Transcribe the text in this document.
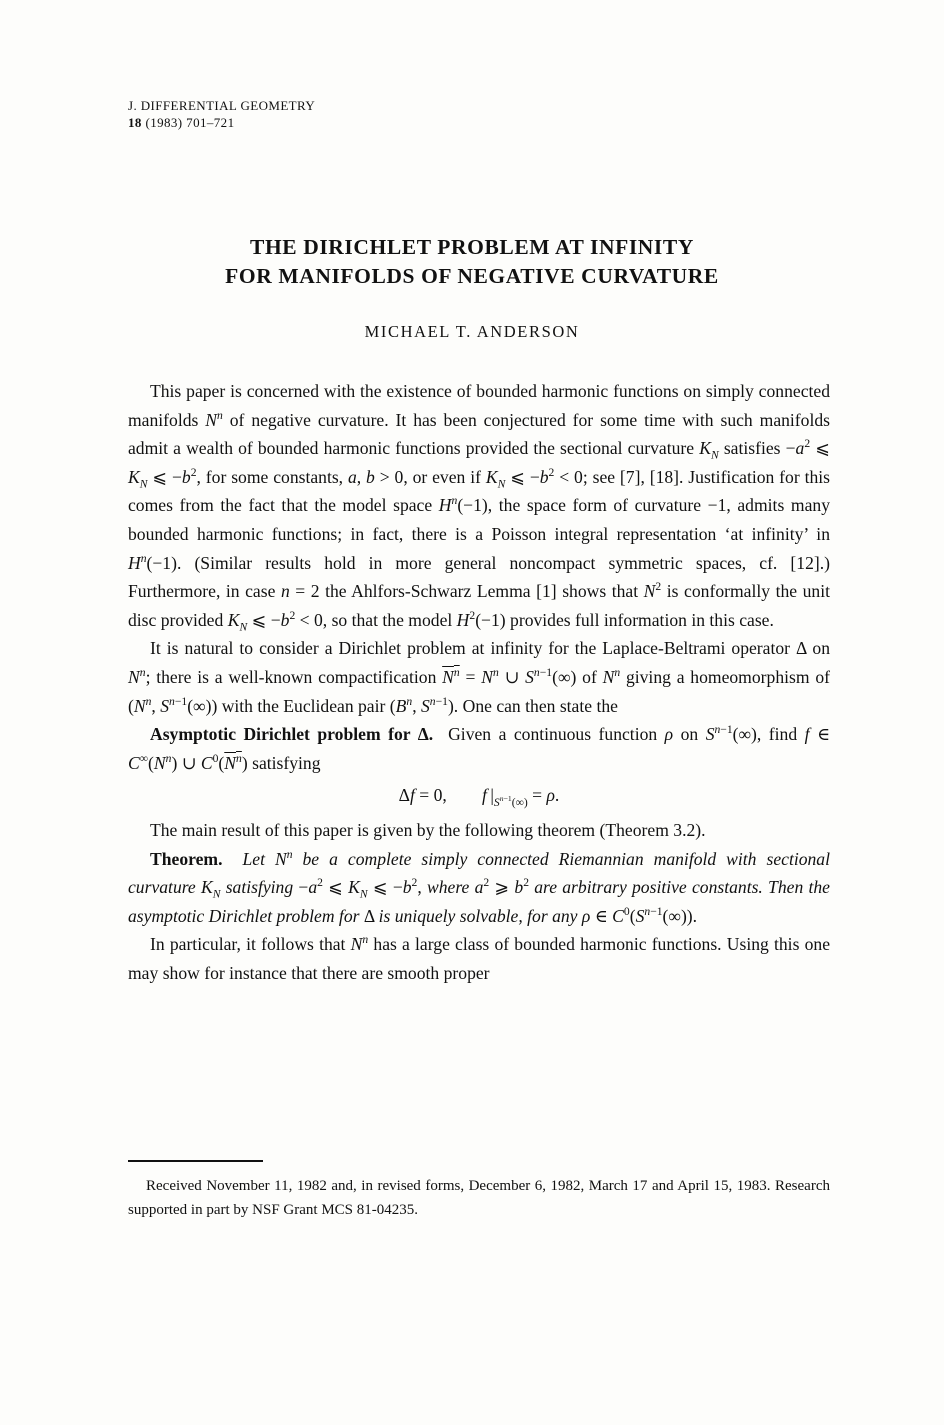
J. DIFFERENTIAL GEOMETRY
18 (1983) 701–721
THE DIRICHLET PROBLEM AT INFINITY
FOR MANIFOLDS OF NEGATIVE CURVATURE
MICHAEL T. ANDERSON

This paper is concerned with the existence of bounded harmonic functions on simply connected manifolds $N^n$ of negative curvature. It has been conjectured for some time with such manifolds admit a wealth of bounded harmonic functions provided the sectional curvature $K_N$ satisfies $-a^2$ ⩽ $K_N$ ⩽ $-b^2$, for some constants, a, b > 0, or even if $K_N$ ⩽ $-b^2 < 0$; see [7], [18]. Justification for this comes from the fact that the model space $H^n(-1)$, the space form of curvature −1, admits many bounded harmonic functions; in fact, there is a Poisson integral representation ‘at infinity’ in $H^n(-1)$. (Similar results hold in more general noncompact symmetric spaces, cf. [12].) Furthermore, in case n = 2 the Ahlfors-Schwarz Lemma [1] shows that $N^2$ is conformally the unit disc provided $K_N$ ⩽ $-b^2 < 0$, so that the model $H^2(-1)$ provides full information in this case.

It is natural to consider a Dirichlet problem at infinity for the Laplace-Beltrami operator Δ on $N^n$; there is a well-known compactification $N^n = N^n$ ∪ $S^{n-1}(\infty)$ of $N^n$ giving a homeomorphism of ($N^n$, $S^{n-1}(\infty)$) with the Euclidean pair ($B^n$, $S^{n-1}$). One can then state the

Asymptotic Dirichlet problem for Δ.  Given a continuous function ρ on $S^{n-1}(\infty)$, find f ∈ $C^\infty(N^n)$ ∪ $C^0(N^n)$ satisfying

Δf = 0,  f $|_{S^{n-1}(\infty)} = \rho$.

The main result of this paper is given by the following theorem (Theorem 3.2).

Theorem. Let $N^n$ be a complete simply connected Riemannian manifold with sectional curvature $K_N$ satisfying $-a^2$ ⩽ $K_N$ ⩽ $-b^2$, where $a^2$ ⩾ $b^2$ are arbitrary positive constants. Then the asymptotic Dirichlet problem for Δ is uniquely solvable, for any ρ ∈ $C^0(S^{n-1}(\infty))$.

In particular, it follows that $N^n$ has a large class of bounded harmonic functions. Using this one may show for instance that there are smooth proper

Received November 11, 1982 and, in revised forms, December 6, 1982, March 17 and April 15, 1983. Research supported in part by NSF Grant MCS 81-04235.
